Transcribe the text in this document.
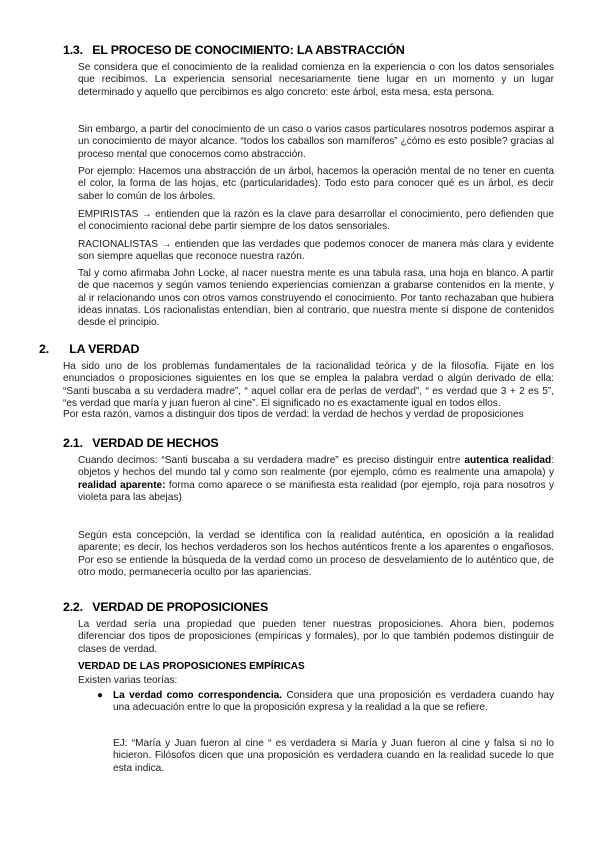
1.3. EL PROCESO DE CONOCIMIENTO: LA ABSTRACCIÓN
Se considera que el conocimiento de la realidad comienza en la experiencia o con los datos sensoriales que recibimos. La experiencia sensorial necesariamente tiene lugar en un momento y un lugar determinado y aquello que percibimos es algo concreto: este árbol, esta mesa, esta persona.
Sin embargo, a partir del conocimiento de un caso o varios casos particulares nosotros podemos aspirar a un conocimiento de mayor alcance. “todos los caballos son mamíferos” ¿cómo es esto posible? gracias al proceso mental que conocemos como abstracción.
Por ejemplo: Hacemos una abstracción de un árbol, hacemos la operación mental de no tener en cuenta el color, la forma de las hojas, etc (particularidades). Todo esto para conocer qué es un árbol, es decir saber lo común de los árboles.
EMPIRISTAS → entienden que la razón es la clave para desarrollar el conocimiento, pero defienden que el conocimiento racional debe partir siempre de los datos sensoriales.
RACIONALISTAS → entienden que las verdades que podemos conocer de manera más clara y evidente son siempre aquellas que reconoce nuestra razón.
Tal y como afirmaba John Locke, al nacer nuestra mente es una tabula rasa, una hoja en blanco. A partir de que nacemos y según vamos teniendo experiencias comienzan a grabarse contenidos en la mente, y al ir relacionando unos con otros vamos construyendo el conocimiento. Por tanto rechazaban que hubiera ideas innatas. Los racionalistas entendían, bien al contrario, que nuestra mente sí dispone de contenidos desde el principio.
2. LA VERDAD
Ha sido uno de los problemas fundamentales de la racionalidad teórica y de la filosofía. Fijate en los enunciados o proposiciones siguientes en los que se emplea la palabra verdad o algún derivado de ella: “Santi buscaba a su verdadera madre”, “ aquel collar era de perlas de verdad”, “ es verdad que 3 + 2 es 5”, “es verdad que maría y juan fueron al cine”. El significado no es exactamente igual en todos ellos.
Por esta razón, vamos a distinguir dos tipos de verdad: la verdad de hechos y verdad de proposiciones
2.1. VERDAD DE HECHOS
Cuando decimos: “Santi buscaba a su verdadera madre” es preciso distinguir entre autentica realidad: objetos y hechos del mundo tal y como son realmente (por ejemplo, cómo es realmente una amapola) y realidad aparente: forma como aparece o se manifiesta esta realidad (por ejemplo, roja para nosotros y violeta para las abejas)
Según esta concepción, la verdad se identifica con la realidad auténtica, en oposición a la realidad aparente; es decir, los hechos verdaderos son los hechos auténticos frente a los aparentes o engañosos. Por eso se entiende la búsqueda de la verdad como un proceso de desvelamiento de lo auténtico que, de otro modo, permanecería oculto por las apariencias.
2.2. VERDAD DE PROPOSICIONES
La verdad sería una propiedad que pueden tener nuestras proposiciones. Ahora bien, podemos diferenciar dos tipos de proposiciones (empíricas y formales), por lo que también podemos distinguir de clases de verdad.
VERDAD DE LAS PROPOSICIONES EMPÍRICAS
Existen varias teorías:
● La verdad como correspondencia. Considera que una proposición es verdadera cuando hay una adecuación entre lo que la proposición expresa y la realidad a la que se refiere.
EJ: “María y Juan fueron al cine “ es verdadera si María y Juan fueron al cine y falsa si no lo hicieron. Filósofos dicen que una proposición es verdadera cuando en la realidad sucede lo que esta indica.
